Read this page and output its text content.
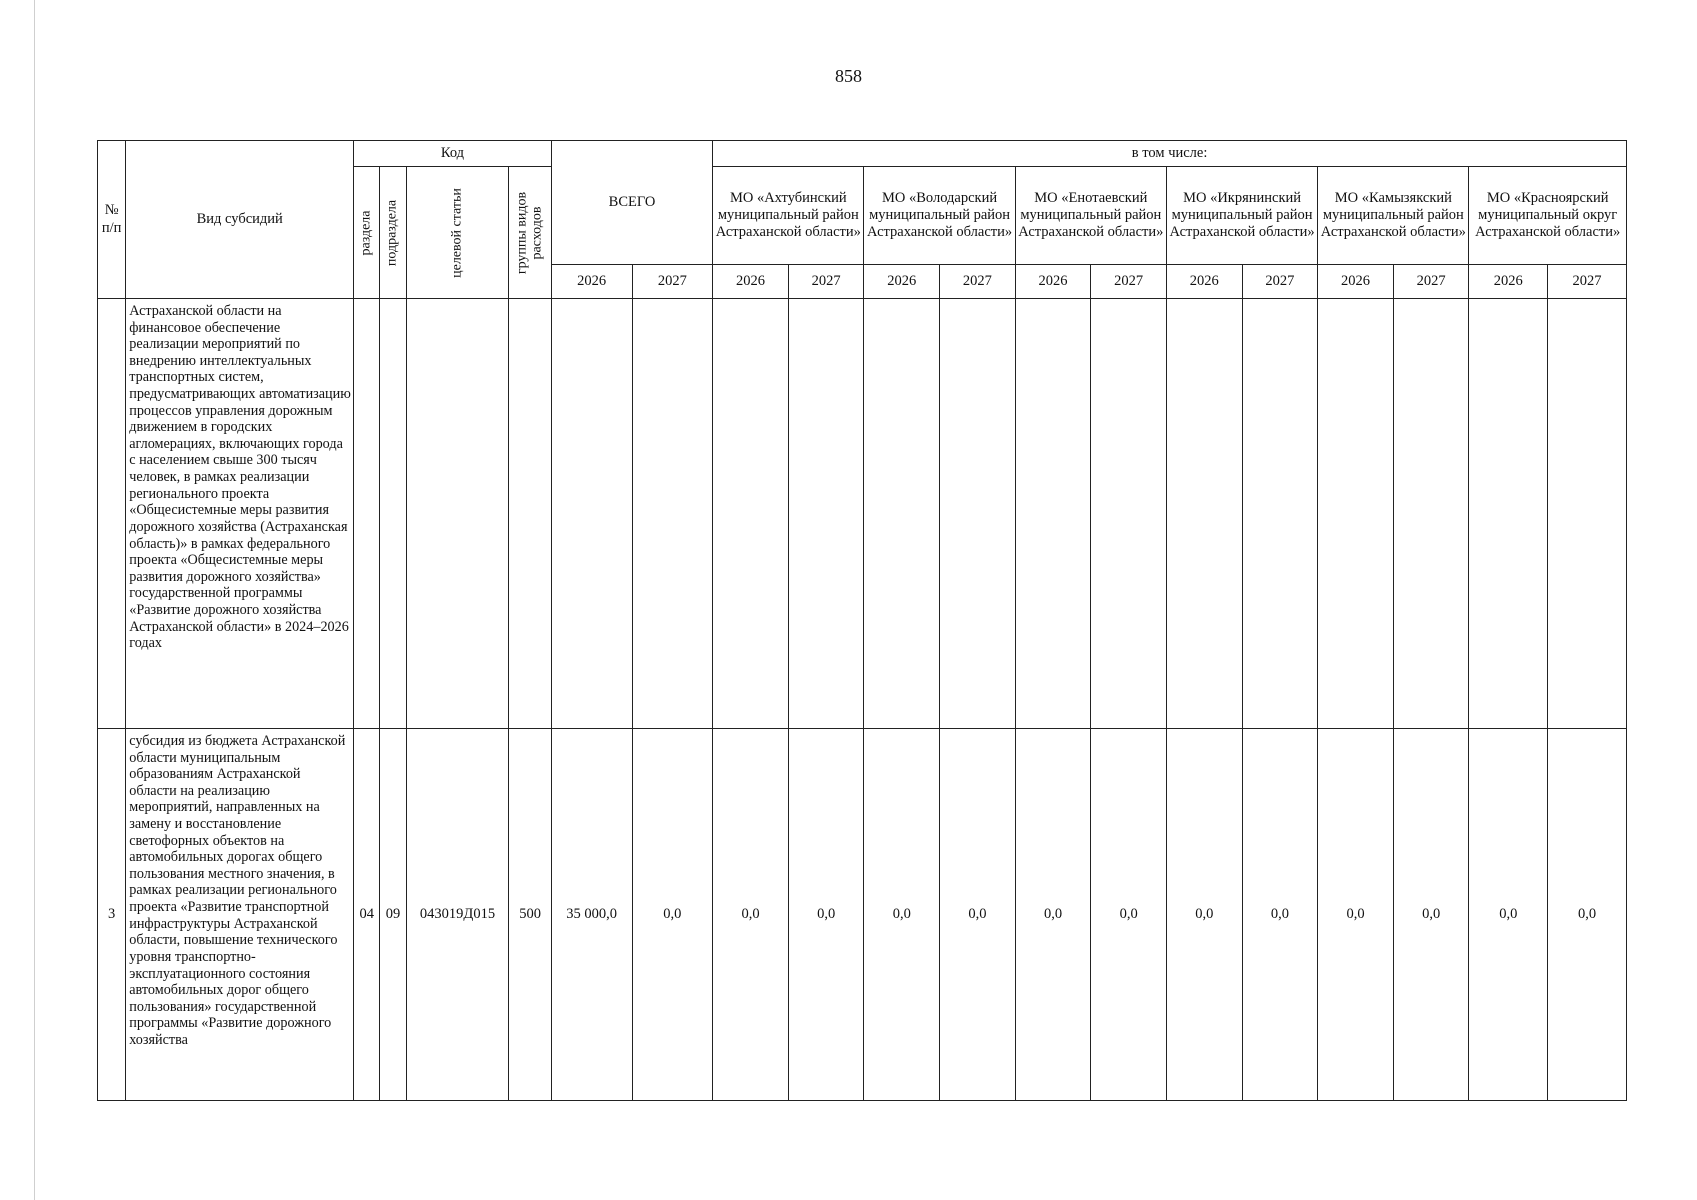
858
№ п/п	Вид субсидий	Код				ВСЕГО		в том числе:											

		раздела	подраздела	целевой статьи	группы видов расходов			МО «Ахтубинский муниципальный район Астраханской области»		МО «Володарский муниципальный район Астраханской области»		МО «Енотаевский муниципальный район Астраханской области»		МО «Икрянинский муниципальный район Астраханской области»		МО «Камызякский муниципальный район Астраханской области»		МО «Красноярский муниципальный округ Астраханской области»	
						2026	2027	2026	2027	2026	2027	2026	2027	2026	2027	2026	2027	2026	2027
	Астраханской области на финансовое обеспечение реализации мероприятий по внедрению интеллектуальных транспортных систем, предусматривающих автоматизацию процессов управления дорожным движением в городских агломерациях, включающих города с населением свыше 300 тысяч человек, в рамках реализации регионального проекта «Общесистемные меры развития дорожного хозяйства (Астраханская область)» в рамках федерального проекта «Общесистемные меры развития дорожного хозяйства» государственной программы «Развитие дорожного хозяйства Астраханской области» в 2024–2026 годах																		
3	субсидия из бюджета Астраханской области муниципальным образованиям Астраханской области на реализацию мероприятий, направленных на замену и восстановление светофорных объектов на автомобильных дорогах общего пользования местного значения, в рамках реализации регионального проекта «Развитие транспортной инфраструктуры Астраханской области, повышение технического уровня транспортно-эксплуатационного состояния автомобильных дорог общего пользования» государственной программы «Развитие дорожного хозяйства	04	09	043019Д015	500	35 000,0	0,0	0,0	0,0	0,0	0,0	0,0	0,0	0,0	0,0	0,0	0,0	0,0	0,0
